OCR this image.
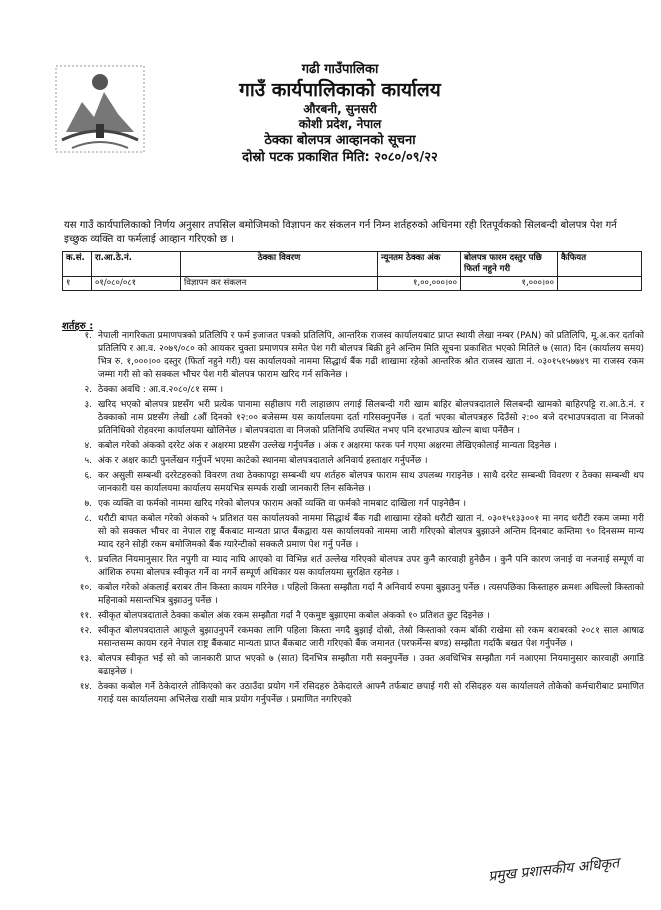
गढी गाउँपालिका
गाउँ कार्यपालिकाको कार्यालय
औरबनी, सुनसरी
कोशी प्रदेश, नेपाल
ठेक्का बोलपत्र आव्हानको सूचना
दोस्रो पटक प्रकाशित मिति: २०८०/०९/२२
यस गाउँ कार्यपालिकाको निर्णय अनुसार तपसिल बमोजिमको विज्ञापन कर संकलन गर्न निम्न शर्तहरुको अधिनमा रही रितपूर्वकको सिलबन्दी बोलपत्र पेश गर्न इच्छुक व्यक्ति वा फर्मलाई आव्हान गरिएको छ ।
क.सं.	रा.आ.ठे.नं.	ठेक्का विवरण	न्यूनतम ठेक्का अंक	बोलपत्र फारम दस्तुर पछि फिर्ता नहुने गरी	कैफियत
१	०१/०८०/०८१	विज्ञापन कर संकलन	१,००,०००।००	१,०००।००	
शर्तहरु :
१. नेपाली नागरिकता प्रमाणपत्रको प्रतिलिपि र फर्म इजाजत पत्रको प्रतिलिपि, आन्तरिक राजस्व कार्यालयबाट प्राप्त स्थायी लेखा नम्बर (PAN) को प्रतिलिपि, मू.अ.कर दर्ताको प्रतिलिपि र आ.व. २०७९/०८० को आयकर चुक्ता प्रमाणपत्र समेत पेश गरी बोलपत्र बिक्री हुने अन्तिम मिति सूचना प्रकाशित भएको मितिले ७ (सात) दिन (कार्यालय समय) भित्र रु. १,०००।०० दस्तुर (फिर्ता नहुने गरी) यस कार्यालयको नाममा सिद्धार्थ बैंक गढी शाखामा रहेको आन्तरिक श्रोत राजस्व खाता नं. ०३०१५१५७७४९ मा राजस्व रकम जम्मा गरी सो को सक्कल भौचर पेश गरी बोलपत्र फाराम खरिद गर्न सकिनेछ ।
२. ठेक्का अवधि : आ.व.२०८०/८१ सम्म ।
३. खरिद भएको बोलपत्र प्रष्टसँग भरी प्रत्येक पानामा सहीछाप गरी लाहाछाप लगाई सिलबन्दी गरी खाम बाहिर बोलपत्रदाताले सिलबन्दी खामको बाहिरपट्टि रा.आ.ठे.नं. र ठेक्काको नाम प्रष्टसँग लेखी ८औं दिनको १२:०० बजेसम्म यस कार्यालयमा दर्ता गरिसक्नुपर्नेछ । दर्ता भएका बोलपत्रहरु दिउँसो २:०० बजे दरभाउपत्रदाता वा निजको प्रतिनिधिको रोहवरमा कार्यालयमा खोलिनेछ । बोलपत्रदाता वा निजको प्रतिनिधि उपस्थित नभए पनि दरभाउपत्र खोल्न बाधा पर्नेछैन ।
४. कबोल गरेको अंकको दररेट अंक र अक्षरमा प्रष्टसँग उल्लेख गर्नुपर्नेछ । अंक र अक्षरमा फरक पर्न गएमा अक्षरमा लेखिएकोलाई मान्यता दिइनेछ ।
५. अंक र अक्षर काटी पुनर्लेखन गर्नुपर्ने भएमा काटेको स्थानमा बोलपत्रदाताले अनिवार्य हस्ताक्षर गर्नुपर्नेछ ।
६. कर असुली सम्बन्धी दररेटहरुको विवरण तथा ठेक्कापट्टा सम्बन्धी थप शर्तहरु बोलपत्र फाराम साथ उपलब्ध गराइनेछ । साथै दररेट सम्बन्धी विवरण र ठेक्का सम्बन्धी थप जानकारी यस कार्यालयमा कार्यालय समयभित्र सम्पर्क राखी जानकारी लिन सकिनेछ ।
७. एक व्यक्ति वा फर्मको नाममा खरिद गरेको बोलपत्र फाराम अर्को व्यक्ति वा फर्मको नामबाट दाखिला गर्न पाइनेछैन ।
८. धरौटी बापत कबोल गरेको अंकको ५ प्रतिशत यस कार्यालयको नाममा सिद्धार्थ बैंक गढी शाखामा रहेको धरौटी खाता नं. ०३०१५१३३००१ मा नगद धरौटी रकम जम्मा गरी सो को सक्कल भौचर वा नेपाल राष्ट्र बैंकबाट मान्यता प्राप्त बैंकद्वारा यस कार्यालयको नाममा जारी गरिएको बोलपत्र बुझाउने अन्तिम दिनबाट कम्तिमा ९० दिनसम्म मान्य म्याद रहने सोही रकम बमोजिमको बैंक ग्यारेन्टीको सक्कलै प्रमाण पेश गर्नु पर्नेछ ।
९. प्रचलित नियमानुसार रित नपुगी वा म्याद नाघि आएको वा विभिन्न शर्त उल्लेख गरिएको बोलपत्र उपर कुनै कारवाही हुनेछैन । कुनै पनि कारण जनाई वा नजनाई सम्पूर्ण वा आंशिक रुपमा बोलपत्र स्वीकृत गर्ने वा नगर्ने सम्पूर्ण अधिकार यस कार्यालयमा सुरक्षित रहनेछ ।
१०. कबोल गरेको अंकलाई बराबर तीन किस्ता कायम गरिनेछ । पहिलो किस्ता सम्झौता गर्दा नै अनिवार्य रुपमा बुझाउनु पर्नेछ । त्यसपछिका किस्ताहरु क्रमशः अघिल्लो किस्ताको महिनाको मसान्तभित्र बुझाउनु पर्नेछ ।
११. स्वीकृत बोलपत्रदाताले ठेक्का कबोल अंक रकम सम्झौता गर्दा नै एकमुष्ट बुझाएमा कबोल अंकको १० प्रतिशत छुट दिइनेछ ।
१२. स्वीकृत बोलपत्रदाताले आफूले बुझाउनुपर्ने रकमका लागि पहिला किस्ता नगदै बुझाई दोस्रो, तेस्रो किस्ताको रकम बाँकी राखेमा सो रकम बराबरको २०८१ साल आषाढ मसान्तसम्म कायम रहने नेपाल राष्ट्र बैंकबाट मान्यता प्राप्त बैंकबाट जारी गरिएको बैंक जमानत (परफर्मेन्स बण्ड) सम्झौता गर्दाकै बखत पेश गर्नुपर्नेछ ।
१३. बोलपत्र स्वीकृत भई सो को जानकारी प्राप्त भएको ७ (सात) दिनभित्र सम्झौता गरी सक्नुपर्नेछ । उक्त अवधिभित्र सम्झौता गर्न नआएमा नियमानुसार कारवाही अगाडि बढाइनेछ ।
१४. ठेक्का कबोल गर्ने ठेकेदारले तोकिएको कर उठाउँदा प्रयोग गर्ने रसिदहरु ठेकेदारले आफ्नै तर्फबाट छपाई गरी सो रसिदहरु यस कार्यालयले तोकेको कर्मचारीबाट प्रमाणित गराई यस कार्यालयमा अभिलेख राखी मात्र प्रयोग गर्नुपर्नेछ । प्रमाणित नगरिएको
प्रमुख प्रशासकीय अधिकृत
